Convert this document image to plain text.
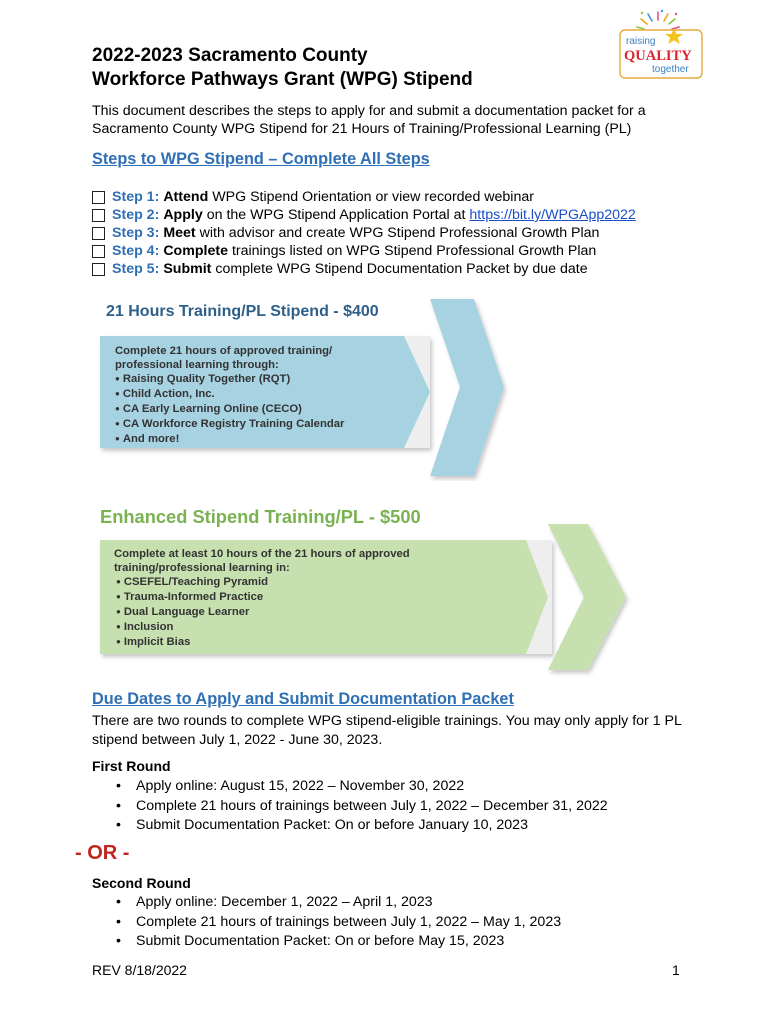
raising
QUALITY
together
2022-2023 Sacramento County
Workforce Pathways Grant (WPG) Stipend

This document describes the steps to apply for and submit a documentation packet for a Sacramento County WPG Stipend for 21 Hours of Training/Professional Learning (PL)

Steps to WPG Stipend – Complete All Steps
Step 1: Attend WPG Stipend Orientation or view recorded webinar
Step 2: Apply on the WPG Stipend Application Portal at https://bit.ly/WPGApp2022
Step 3: Meet with advisor and create WPG Stipend Professional Growth Plan
Step 4: Complete trainings listed on WPG Stipend Professional Growth Plan
Step 5: Submit complete WPG Stipend Documentation Packet by due date
21 Hours Training/PL Stipend - $400
Complete 21 hours of approved training/
professional learning through:
● Raising Quality Together (RQT)
● Child Action, Inc.
● CA Early Learning Online (CECO)
● CA Workforce Registry Training Calendar
● And more!
Enhanced Stipend Training/PL - $500
Complete at least 10 hours of the 21 hours of approved
training/professional learning in:
● CSEFEL/Teaching Pyramid
● Trauma-Informed Practice
● Dual Language Learner
● Inclusion
● Implicit Bias
Due Dates to Apply and Submit Documentation Packet

There are two rounds to complete WPG stipend-eligible trainings. You may only apply for 1 PL stipend between July 1, 2022 - June 30, 2023.

First Round
• Apply online: August 15, 2022 – November 30, 2022
• Complete 21 hours of trainings between July 1, 2022 – December 31, 2022
• Submit Documentation Packet: On or before January 10, 2023
- OR -
Second Round
• Apply online: December 1, 2022 – April 1, 2023
• Complete 21 hours of trainings between July 1, 2022 – May 1, 2023
• Submit Documentation Packet: On or before May 15, 2023
REV 8/18/2022	1
